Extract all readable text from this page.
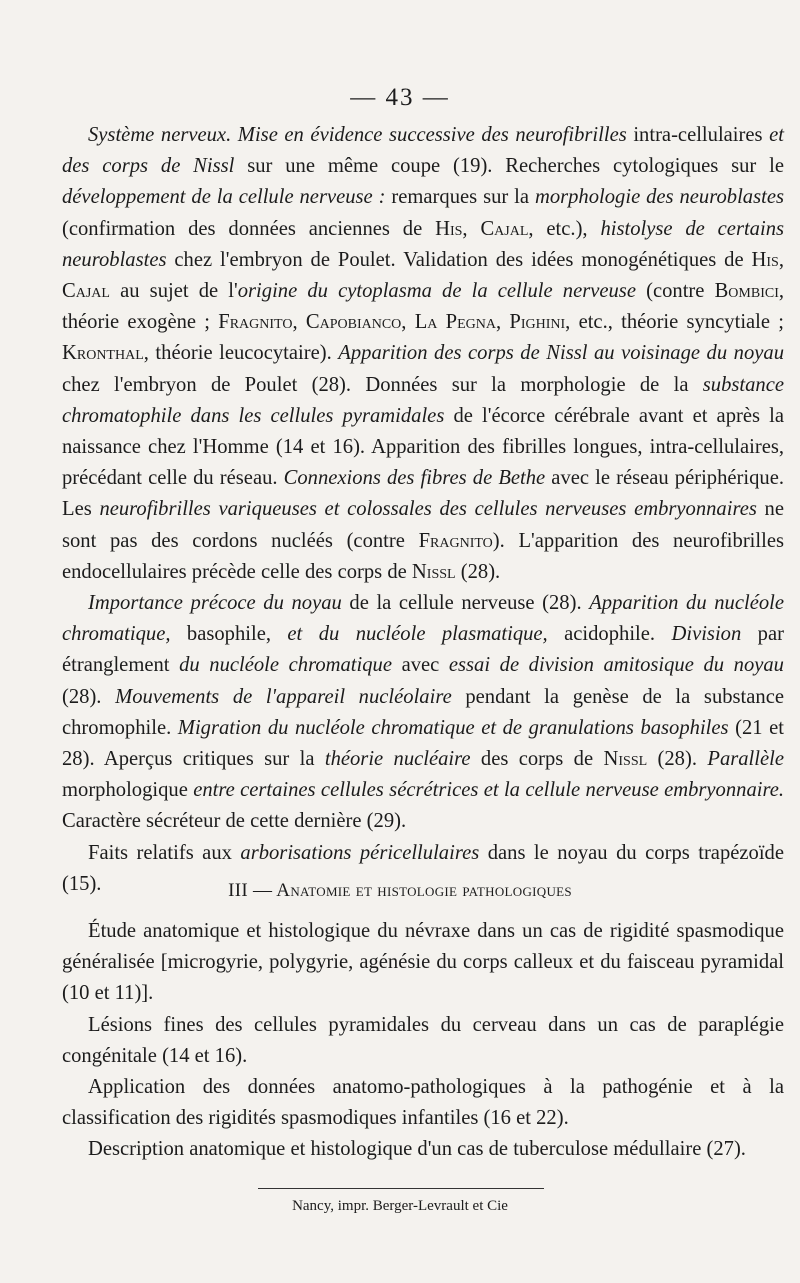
— 43 —

Système nerveux. Mise en évidence successive des neurofibrilles intra-cellulaires et des corps de Nissl sur une même coupe (19). Recherches cytologiques sur le développement de la cellule nerveuse : remarques sur la morphologie des neuroblastes (confirmation des données anciennes de His, Cajal, etc.), histolyse de certains neuroblastes chez l'embryon de Poulet. Validation des idées monogénétiques de His, Cajal au sujet de l'origine du cytoplasma de la cellule nerveuse (contre Bombici, théorie exogène ; Fragnito, Capobianco, La Pegna, Pighini, etc., théorie syncytiale ; Kronthal, théorie leucocytaire). Apparition des corps de Nissl au voisinage du noyau chez l'embryon de Poulet (28). Données sur la morphologie de la substance chromatophile dans les cellules pyramidales de l'écorce cérébrale avant et après la naissance chez l'Homme (14 et 16). Apparition des fibrilles longues, intra-cellulaires, précédant celle du réseau. Connexions des fibres de Bethe avec le réseau périphérique. Les neurofibrilles variqueuses et colossales des cellules nerveuses embryonnaires ne sont pas des cordons nucléés (contre Fragnito). L'apparition des neurofibrilles endocellulaires précède celle des corps de Nissl (28).

Importance précoce du noyau de la cellule nerveuse (28). Apparition du nucléole chromatique, basophile, et du nucléole plasmatique, acidophile. Division par étranglement du nucléole chromatique avec essai de division amitosique du noyau (28). Mouvements de l'appareil nucléolaire pendant la genèse de la substance chromophile. Migration du nucléole chromatique et de granulations basophiles (21 et 28). Aperçus critiques sur la théorie nucléaire des corps de Nissl (28). Parallèle morphologique entre certaines cellules sécrétrices et la cellule nerveuse embryonnaire. Caractère sécréteur de cette dernière (29).

Faits relatifs aux arborisations péricellulaires dans le noyau du corps trapézoïde (15).	III — Anatomie et histologie pathologiques

Étude anatomique et histologique du névraxe dans un cas de rigidité spasmodique généralisée [microgyrie, polygyrie, agénésie du corps calleux et du faisceau pyramidal (10 et 11)].

Lésions fines des cellules pyramidales du cerveau dans un cas de paraplégie congénitale (14 et 16).

Application des données anatomo-pathologiques à la pathogénie et à la classification des rigidités spasmodiques infantiles (16 et 22).

Description anatomique et histologique d'un cas de tuberculose médullaire (27).

Nancy, impr. Berger-Levrault et Cie
